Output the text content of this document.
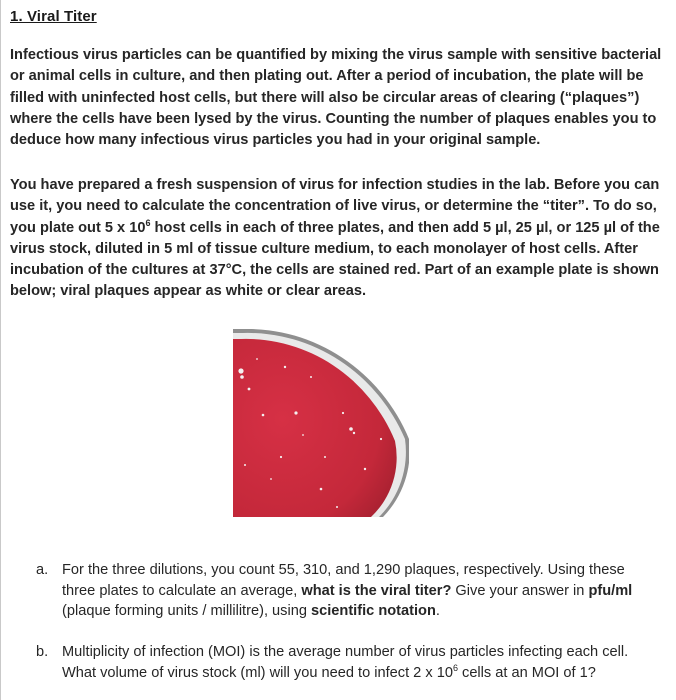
1. Viral Titer
Infectious virus particles can be quantified by mixing the virus sample with sensitive bacterial or animal cells in culture, and then plating out. After a period of incubation, the plate will be filled with uninfected host cells, but there will also be circular areas of clearing (“plaques”) where the cells have been lysed by the virus. Counting the number of plaques enables you to deduce how many infectious virus particles you had in your original sample.
You have prepared a fresh suspension of virus for infection studies in the lab. Before you can use it, you need to calculate the concentration of live virus, or determine the “titer”. To do so, you plate out 5 x $10^6$ host cells in each of three plates, and then add 5 µl, 25 µl, or 125 µl of the virus stock, diluted in 5 ml of tissue culture medium, to each monolayer of host cells. After incubation of the cultures at 37°C, the cells are stained red. Part of an example plate is shown below; viral plaques appear as white or clear areas.
a. For the three dilutions, you count 55, 310, and 1,290 plaques, respectively. Using these three plates to calculate an average, what is the viral titer? Give your answer in pfu/ml (plaque forming units / millilitre), using scientific notation.
b. Multiplicity of infection (MOI) is the average number of virus particles infecting each cell. What volume of virus stock (ml) will you need to infect 2 x $10^6$ cells at an MOI of 1?
